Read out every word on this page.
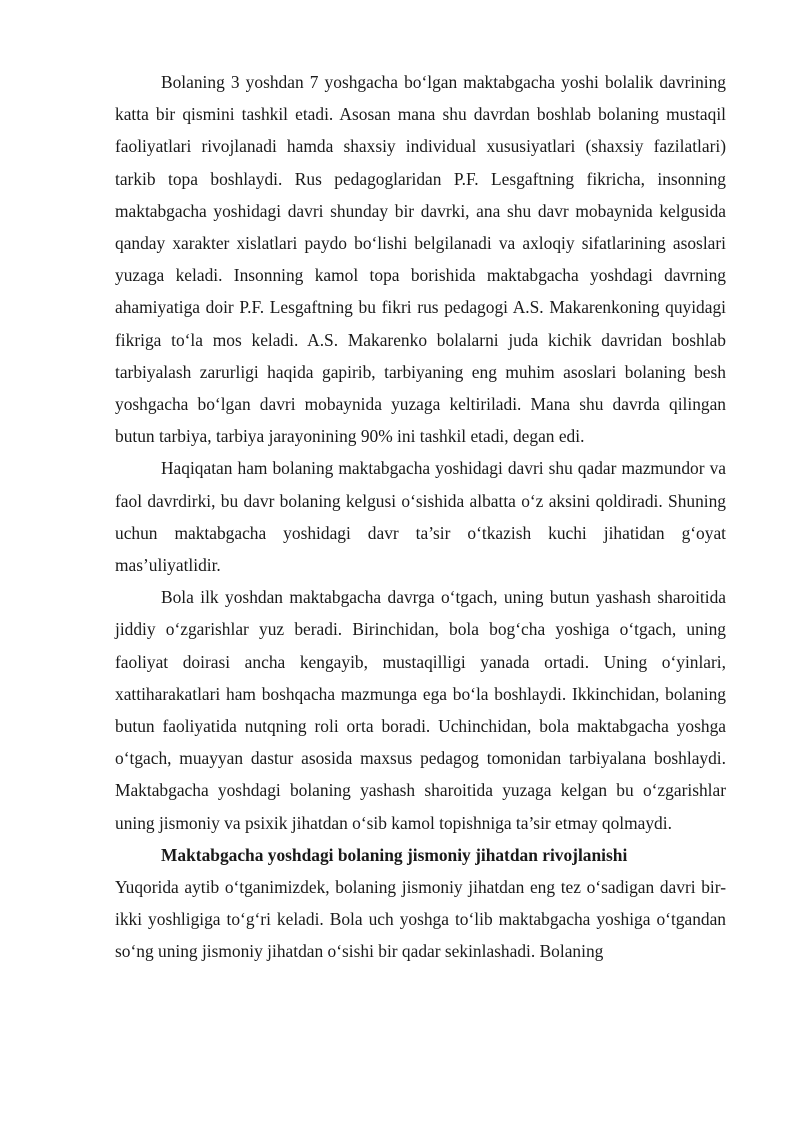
Bolaning 3 yoshdan 7 yoshgacha bo‘lgan maktabgacha yoshi bolalik davrining katta bir qismini tashkil etadi. Asosan mana shu davrdan boshlab bolaning mustaqil faoliyatlari rivojlanadi hamda shaxsiy individual xususiyatlari (shaxsiy fazilatlari) tarkib topa boshlaydi. Rus pedagoglaridan P.F. Lesgaftning fikricha, insonning maktabgacha yoshidagi davri shunday bir davrki, ana shu davr mobaynida kelgusida qanday xarakter xislatlari paydo bo‘lishi belgilanadi va axloqiy sifatlarining asoslari yuzaga keladi. Insonning kamol topa borishida maktabgacha yoshdagi davrning ahamiyatiga doir P.F. Lesgaftning bu fikri rus pedagogi A.S. Makarenkoning quyidagi fikriga to‘la mos keladi. A.S. Makarenko bolalarni juda kichik davridan boshlab tarbiyalash zarurligi haqida gapirib, tarbiyaning eng muhim asoslari bolaning besh yoshgacha bo‘lgan davri mobaynida yuzaga keltiriladi. Mana shu davrda qilingan butun tarbiya, tarbiya jarayonining 90% ini tashkil etadi, degan edi.

Haqiqatan ham bolaning maktabgacha yoshidagi davri shu qadar mazmundor va faol davrdirki, bu davr bolaning kelgusi o‘sishida albatta o‘z aksini qoldiradi. Shuning uchun maktabgacha yoshidagi davr ta’sir o‘tkazish kuchi jihatidan g‘oyat mas’uliyatlidir.

Bola ilk yoshdan maktabgacha davrga o‘tgach, uning butun yashash sharoitida jiddiy o‘zgarishlar yuz beradi. Birinchidan, bola bog‘cha yoshiga o‘tgach, uning faoliyat doirasi ancha kengayib, mustaqilligi yanada ortadi. Uning o‘yinlari, xattiharakatlari ham boshqacha mazmunga ega bo‘la boshlaydi. Ikkinchidan, bolaning butun faoliyatida nutqning roli orta boradi. Uchinchidan, bola maktabgacha yoshga o‘tgach, muayyan dastur asosida maxsus pedagog tomonidan tarbiyalana boshlaydi. Maktabgacha yoshdagi bolaning yashash sharoitida yuzaga kelgan bu o‘zgarishlar uning jismoniy va psixik jihatdan o‘sib kamol topishniga ta’sir etmay qolmaydi.

Maktabgacha yoshdagi bolaning jismoniy jihatdan rivojlanishi

Yuqorida aytib o‘tganimizdek, bolaning jismoniy jihatdan eng tez o‘sadigan davri bir-ikki yoshligiga to‘g‘ri keladi. Bola uch yoshga to‘lib maktabgacha yoshiga o‘tgandan so‘ng uning jismoniy jihatdan o‘sishi bir qadar sekinlashadi. Bolaning
